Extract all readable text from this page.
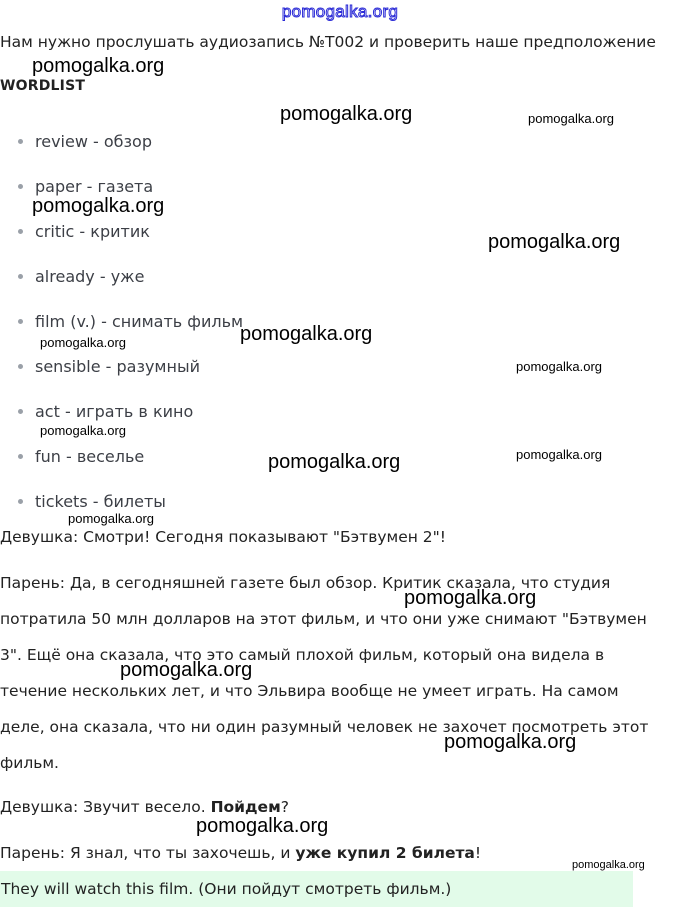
pomogalka.org
Нам нужно прослушать аудиозапись №T002 и проверить наше предположение
WORDLIST
review - обзор
paper - газета
critic - критик
already - уже
film (v.) - снимать фильм
sensible - разумный
act - играть в кино
fun - веселье
tickets - билеты
Девушка: Смотри! Сегодня показывают "Бэтвумен 2"!
Парень: Да, в сегодняшней газете был обзор. Критик сказала, что студия
потратила 50 млн долларов на этот фильм, и что они уже снимают "Бэтвумен
3". Ещё она сказала, что это самый плохой фильм, который она видела в
течение нескольких лет, и что Эльвира вообще не умеет играть. На самом
деле, она сказала, что ни один разумный человек не захочет посмотреть этот
фильм.
Девушка: Звучит весело. Пойдем?
Парень: Я знал, что ты захочешь, и уже купил 2 билета!
They will watch this film. (Они пойдут смотреть фильм.)
pomogalka.org
pomogalka.org	pomogalka.org
pomogalka.org
pomogalka.org
pomogalka.org
pomogalka.org
pomogalka.org
pomogalka.org
pomogalka.org
pomogalka.org
pomogalka.org
pomogalka.org
pomogalka.org
pomogalka.org
pomogalka.org
pomogalka.org
